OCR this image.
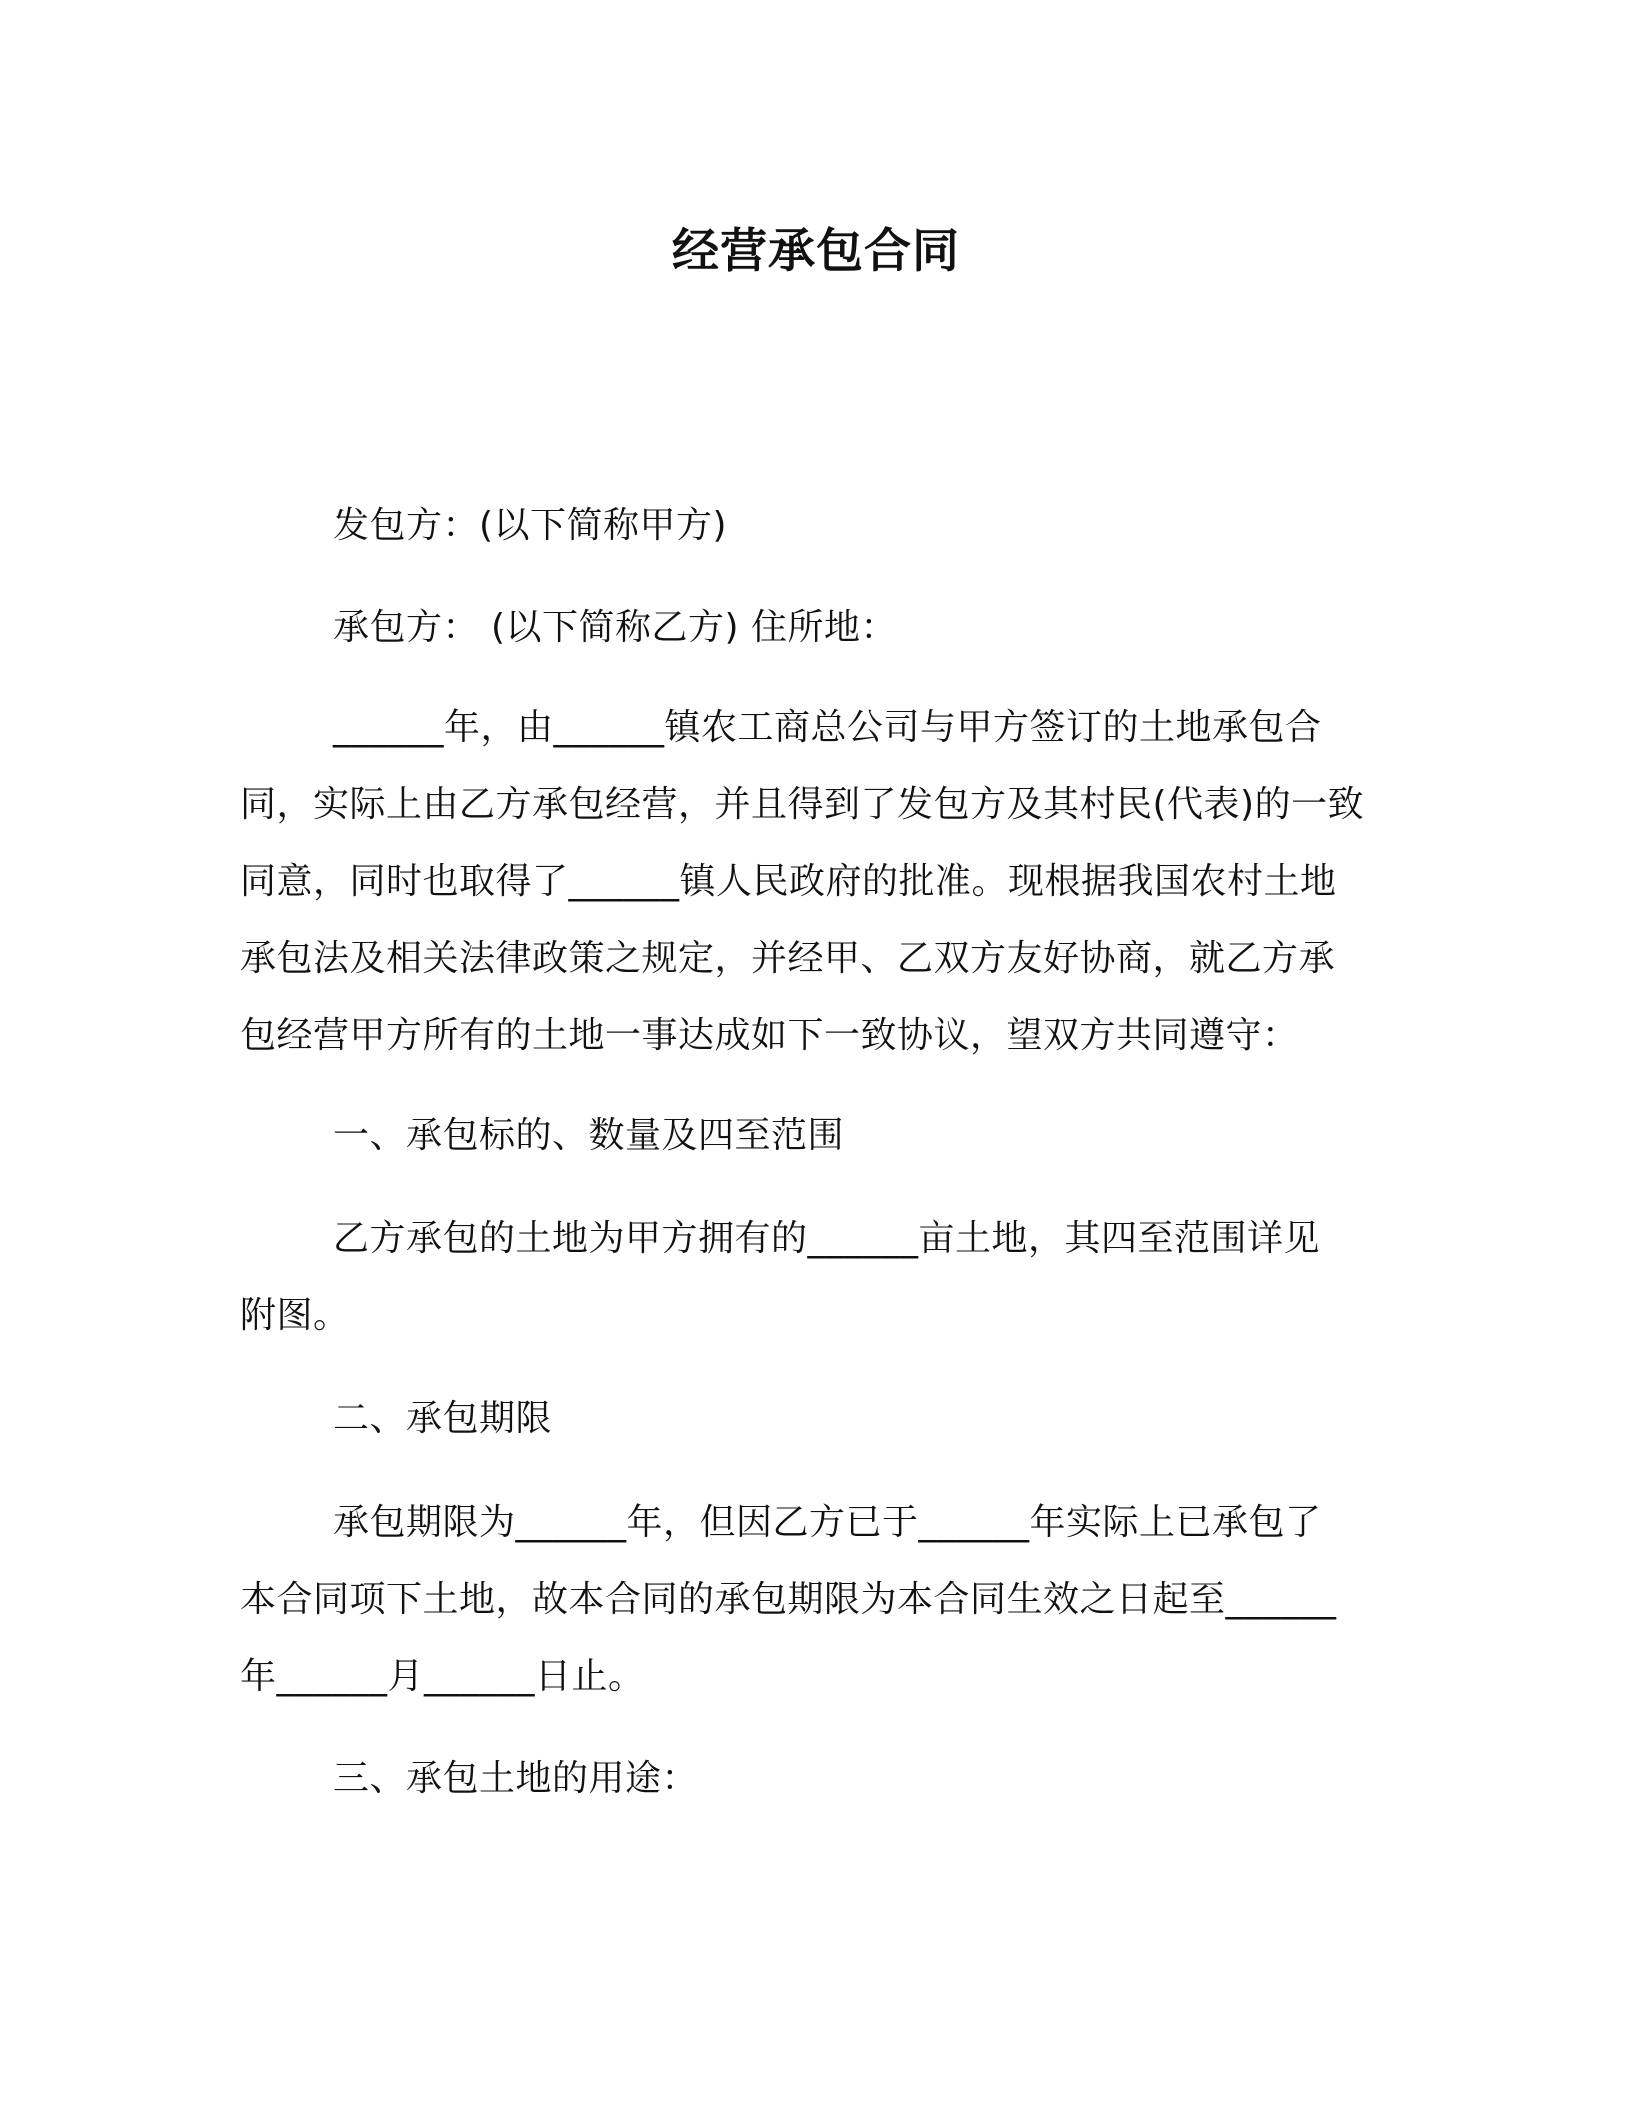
经营承包合同
发包方：(以下简称甲方)
承包方： (以下简称乙方) 住所地：
______年，由______镇农工商总公司与甲方签订的土地承包合
同，实际上由乙方承包经营，并且得到了发包方及其村民(代表)的一致
同意，同时也取得了______镇人民政府的批准。现根据我国农村土地
承包法及相关法律政策之规定，并经甲、乙双方友好协商，就乙方承
包经营甲方所有的土地一事达成如下一致协议，望双方共同遵守：
一、承包标的、数量及四至范围
乙方承包的土地为甲方拥有的______亩土地，其四至范围详见
附图。
二、承包期限
承包期限为______年，但因乙方已于______年实际上已承包了
本合同项下土地，故本合同的承包期限为本合同生效之日起至______
年______月______日止。
三、承包土地的用途：
